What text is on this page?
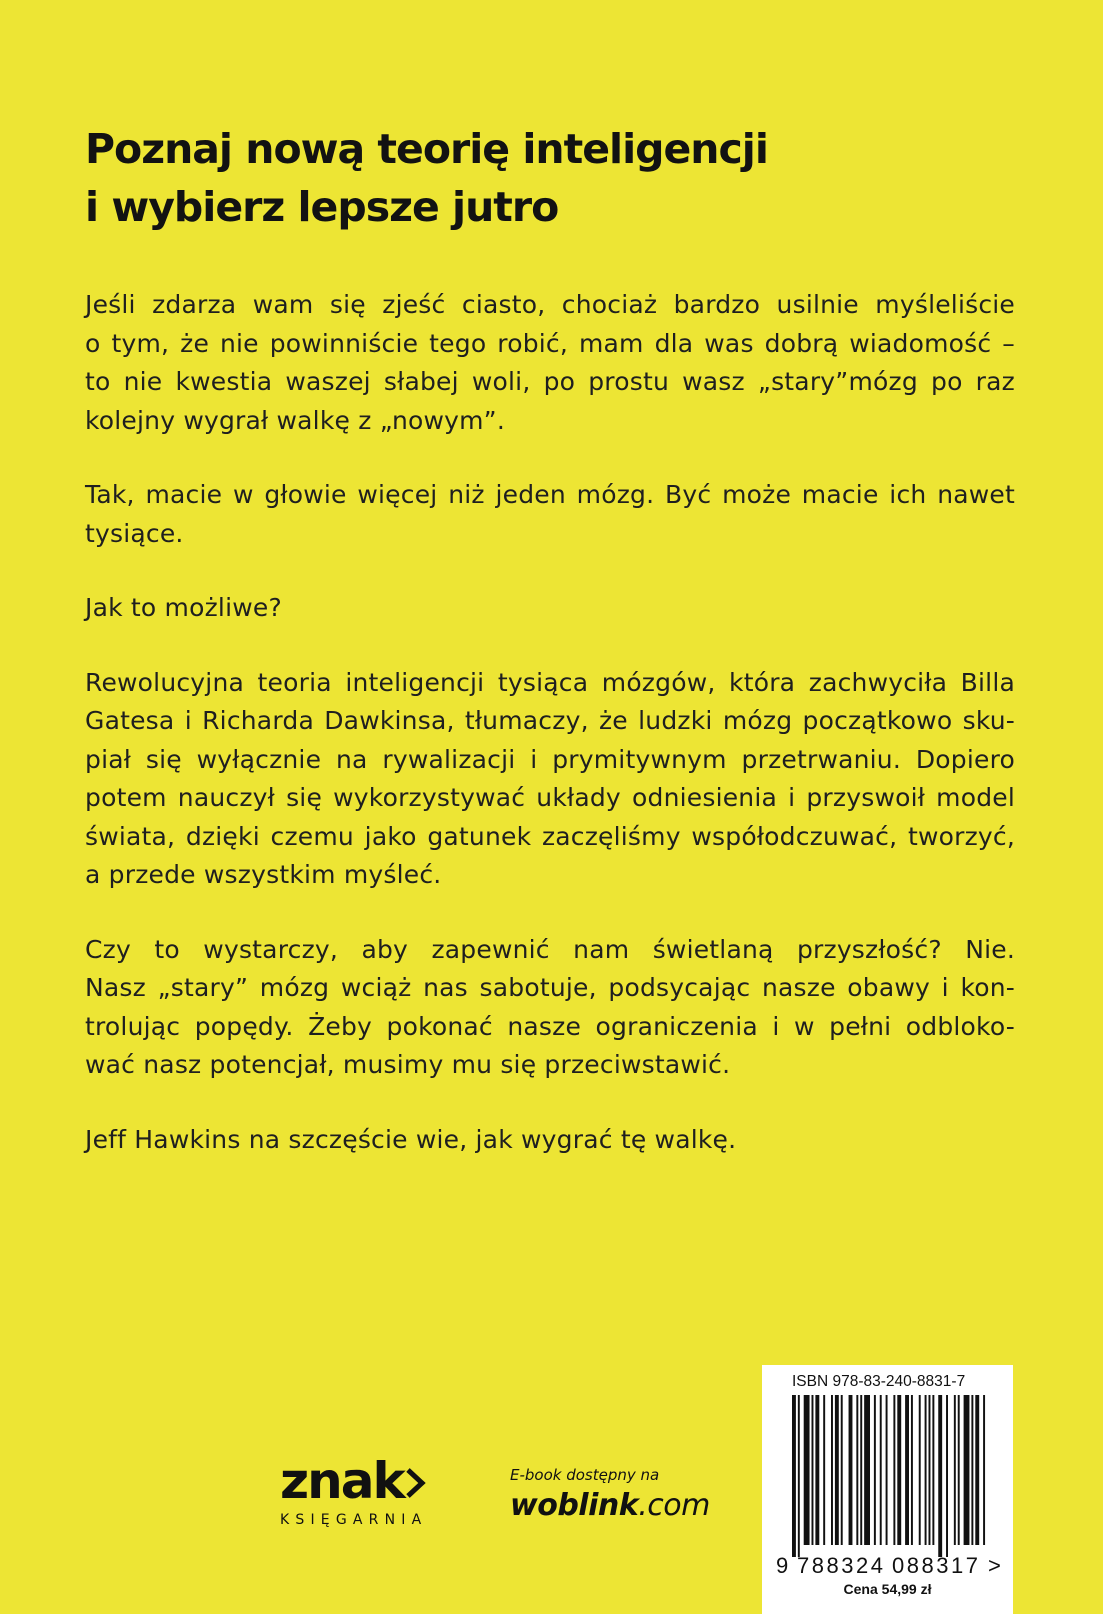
Poznaj nową teorię inteligencji
i wybierz lepsze jutro

Jeśli zdarza wam się zjeść ciasto, chociaż bardzo usilnie myśleliście
o tym, że nie powinniście tego robić, mam dla was dobrą wiadomość –
to nie kwestia waszej słabej woli, po prostu wasz „stary”mózg po raz
kolejny wygrał walkę z „nowym”.

Tak, macie w głowie więcej niż jeden mózg. Być może macie ich nawet
tysiące.

Jak to możliwe?

Rewolucyjna teoria inteligencji tysiąca mózgów, która zachwyciła Billa
Gatesa i Richarda Dawkinsa, tłumaczy, że ludzki mózg początkowo sku-
piał się wyłącznie na rywalizacji i prymitywnym przetrwaniu. Dopiero
potem nauczył się wykorzystywać układy odniesienia i przyswoił model
świata, dzięki czemu jako gatunek zaczęliśmy współodczuwać, tworzyć,
a przede wszystkim myśleć.

Czy to wystarczy, aby zapewnić nam świetlaną przyszłość? Nie.
Nasz „stary” mózg wciąż nas sabotuje, podsycając nasze obawy i kon-
trolując popędy. Żeby pokonać nasze ograniczenia i w pełni odbloko-
wać nasz potencjał, musimy mu się przeciwstawić.

Jeff Hawkins na szczęście wie, jak wygrać tę walkę.

znak
KSIĘGARNIA
E-book dostępny na
woblink.com
ISBN 978-83-240-8831-7
9 788324 088317 >
Cena 54,99 zł
